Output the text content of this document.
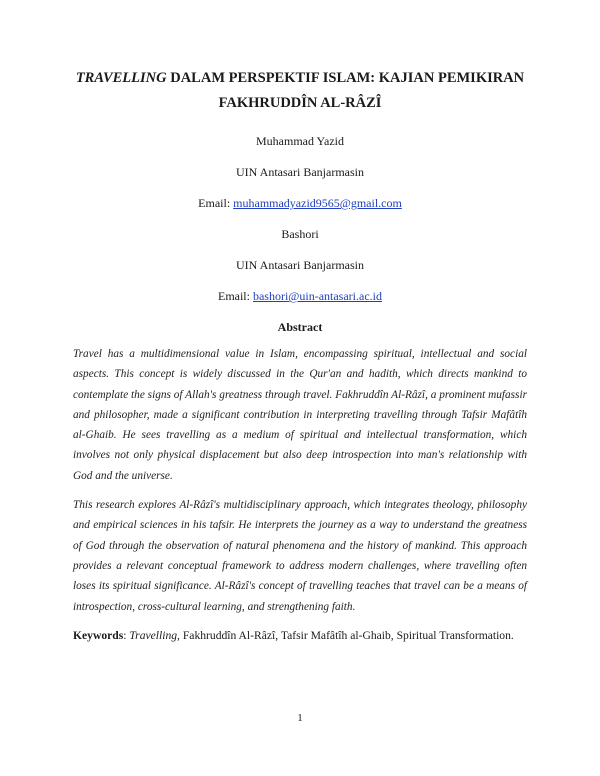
TRAVELLING DALAM PERSPEKTIF ISLAM: KAJIAN PEMIKIRAN
FAKHRUDDÎN AL-RÂZÎ

Muhammad Yazid

UIN Antasari Banjarmasin

Email: muhammadyazid9565@gmail.com

Bashori

UIN Antasari Banjarmasin

Email: bashori@uin-antasari.ac.id

Abstract

Travel has a multidimensional value in Islam, encompassing spiritual, intellectual and social aspects. This concept is widely discussed in the Qur'an and hadith, which directs mankind to contemplate the signs of Allah's greatness through travel. Fakhruddîn Al-Râzî, a prominent mufassir and philosopher, made a significant contribution in interpreting travelling through Tafsir Mafâtîh al-Ghaib. He sees travelling as a medium of spiritual and intellectual transformation, which involves not only physical displacement but also deep introspection into man's relationship with God and the universe.

This research explores Al-Râzî's multidisciplinary approach, which integrates theology, philosophy and empirical sciences in his tafsir. He interprets the journey as a way to understand the greatness of God through the observation of natural phenomena and the history of mankind. This approach provides a relevant conceptual framework to address modern challenges, where travelling often loses its spiritual significance. Al-Râzî's concept of travelling teaches that travel can be a means of introspection, cross-cultural learning, and strengthening faith.

Keywords: Travelling, Fakhruddîn Al-Râzî, Tafsir Mafâtîh al-Ghaib, Spiritual Transformation.

1
